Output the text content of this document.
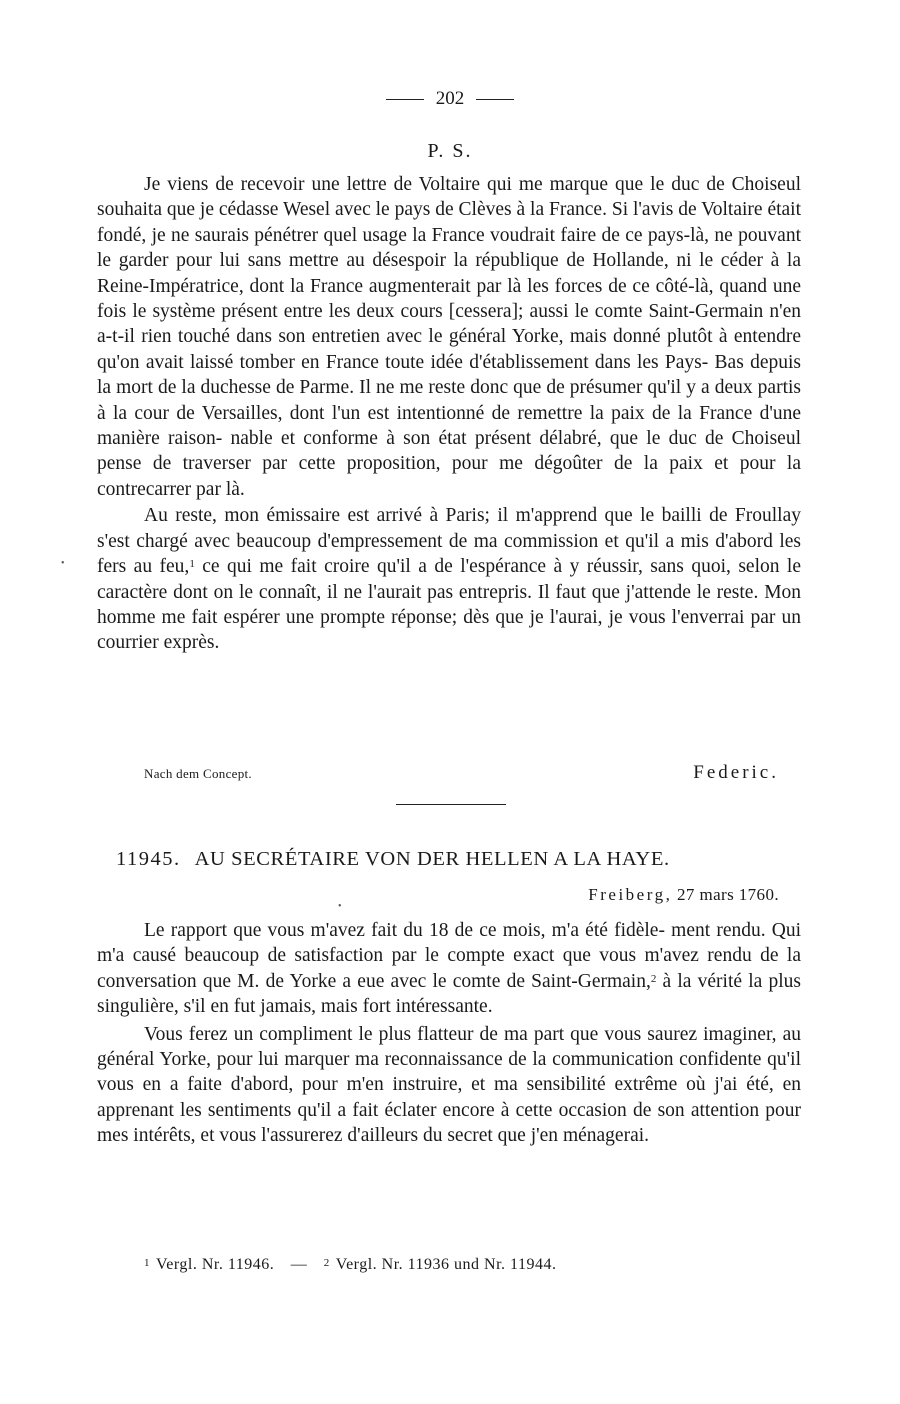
202
P. S.

Je viens de recevoir une lettre de Voltaire qui me marque que le duc de Choiseul souhaita que je cédasse Wesel avec le pays de Clèves à la France. Si l'avis de Voltaire était fondé, je ne saurais pénétrer quel usage la France voudrait faire de ce pays-là, ne pouvant le garder pour lui sans mettre au désespoir la république de Hollande, ni le céder à la Reine-Impératrice, dont la France augmenterait par là les forces de ce côté-là, quand une fois le système présent entre les deux cours [cessera]; aussi le comte Saint-Germain n'en a-t-il rien touché dans son entretien avec le général Yorke, mais donné plutôt à entendre qu'on avait laissé tomber en France toute idée d'établissement dans les Pays- Bas depuis la mort de la duchesse de Parme. Il ne me reste donc que de présumer qu'il y a deux partis à la cour de Versailles, dont l'un est intentionné de remettre la paix de la France d'une manière raison- nable et conforme à son état présent délabré, que le duc de Choiseul pense de traverser par cette proposition, pour me dégoûter de la paix et pour la contrecarrer par là.

Au reste, mon émissaire est arrivé à Paris; il m'apprend que le bailli de Froullay s'est chargé avec beaucoup d'empressement de ma commission et qu'il a mis d'abord les fers au feu,$^1$ ce qui me fait croire qu'il a de l'espérance à y réussir, sans quoi, selon le caractère dont on le connaît, il ne l'aurait pas entrepris. Il faut que j'attende le reste. Mon homme me fait espérer une prompte réponse; dès que je l'aurai, je vous l'enverrai par un courrier exprès.

Nach dem Concept.	Federic.
11945. AU SECRÉTAIRE VON DER HELLEN A LA HAYE.
Freiberg, 27 mars 1760.

Le rapport que vous m'avez fait du 18 de ce mois, m'a été fidèle- ment rendu. Qui m'a causé beaucoup de satisfaction par le compte exact que vous m'avez rendu de la conversation que M. de Yorke a eue avec le comte de Saint-Germain,$^2$ à la vérité la plus singulière, s'il en fut jamais, mais fort intéressante.

Vous ferez un compliment le plus flatteur de ma part que vous saurez imaginer, au général Yorke, pour lui marquer ma reconnaissance de la communication confidente qu'il vous en a faite d'abord, pour m'en instruire, et ma sensibilité extrême où j'ai été, en apprenant les sentiments qu'il a fait éclater encore à cette occasion de son attention pour mes intérêts, et vous l'assurerez d'ailleurs du secret que j'en ménagerai.

1 Vergl. Nr. 11946. — 2 Vergl. Nr. 11936 und Nr. 11944.
•
•
